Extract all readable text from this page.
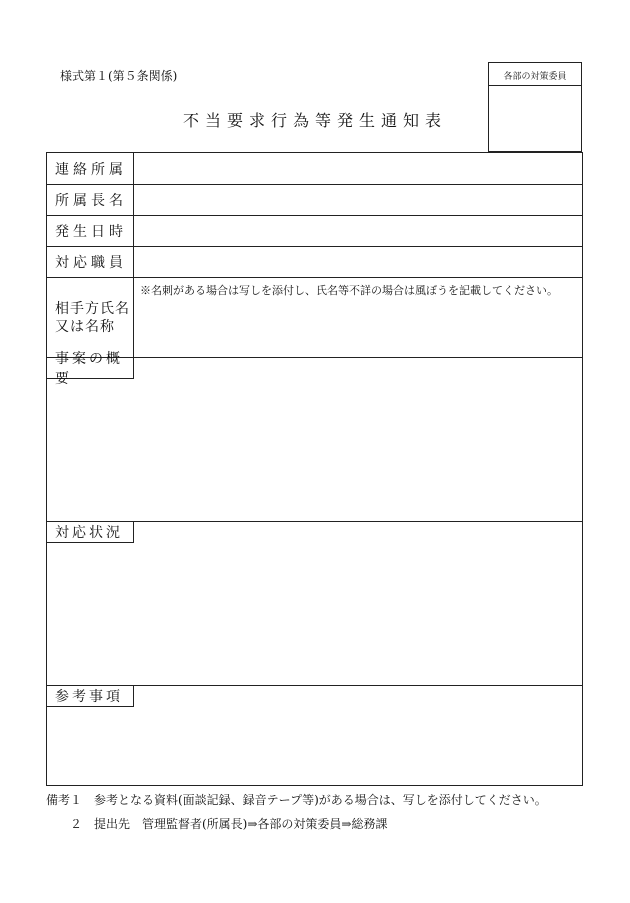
様式第１(第５条関係)
不当要求行為等発生通知表
各部の対策委員
連絡所属
所属長名
発生日時
対応職員
相手方氏名
又は名称
※名刺がある場合は写しを添付し、氏名等不詳の場合は風ぼうを記載してください。
事案の概要
対応状況
参考事項
備考１　参考となる資料(面談記録、録音テープ等)がある場合は、写しを添付してください。
２　提出先　管理監督者(所属長)⇒各部の対策委員⇒総務課
